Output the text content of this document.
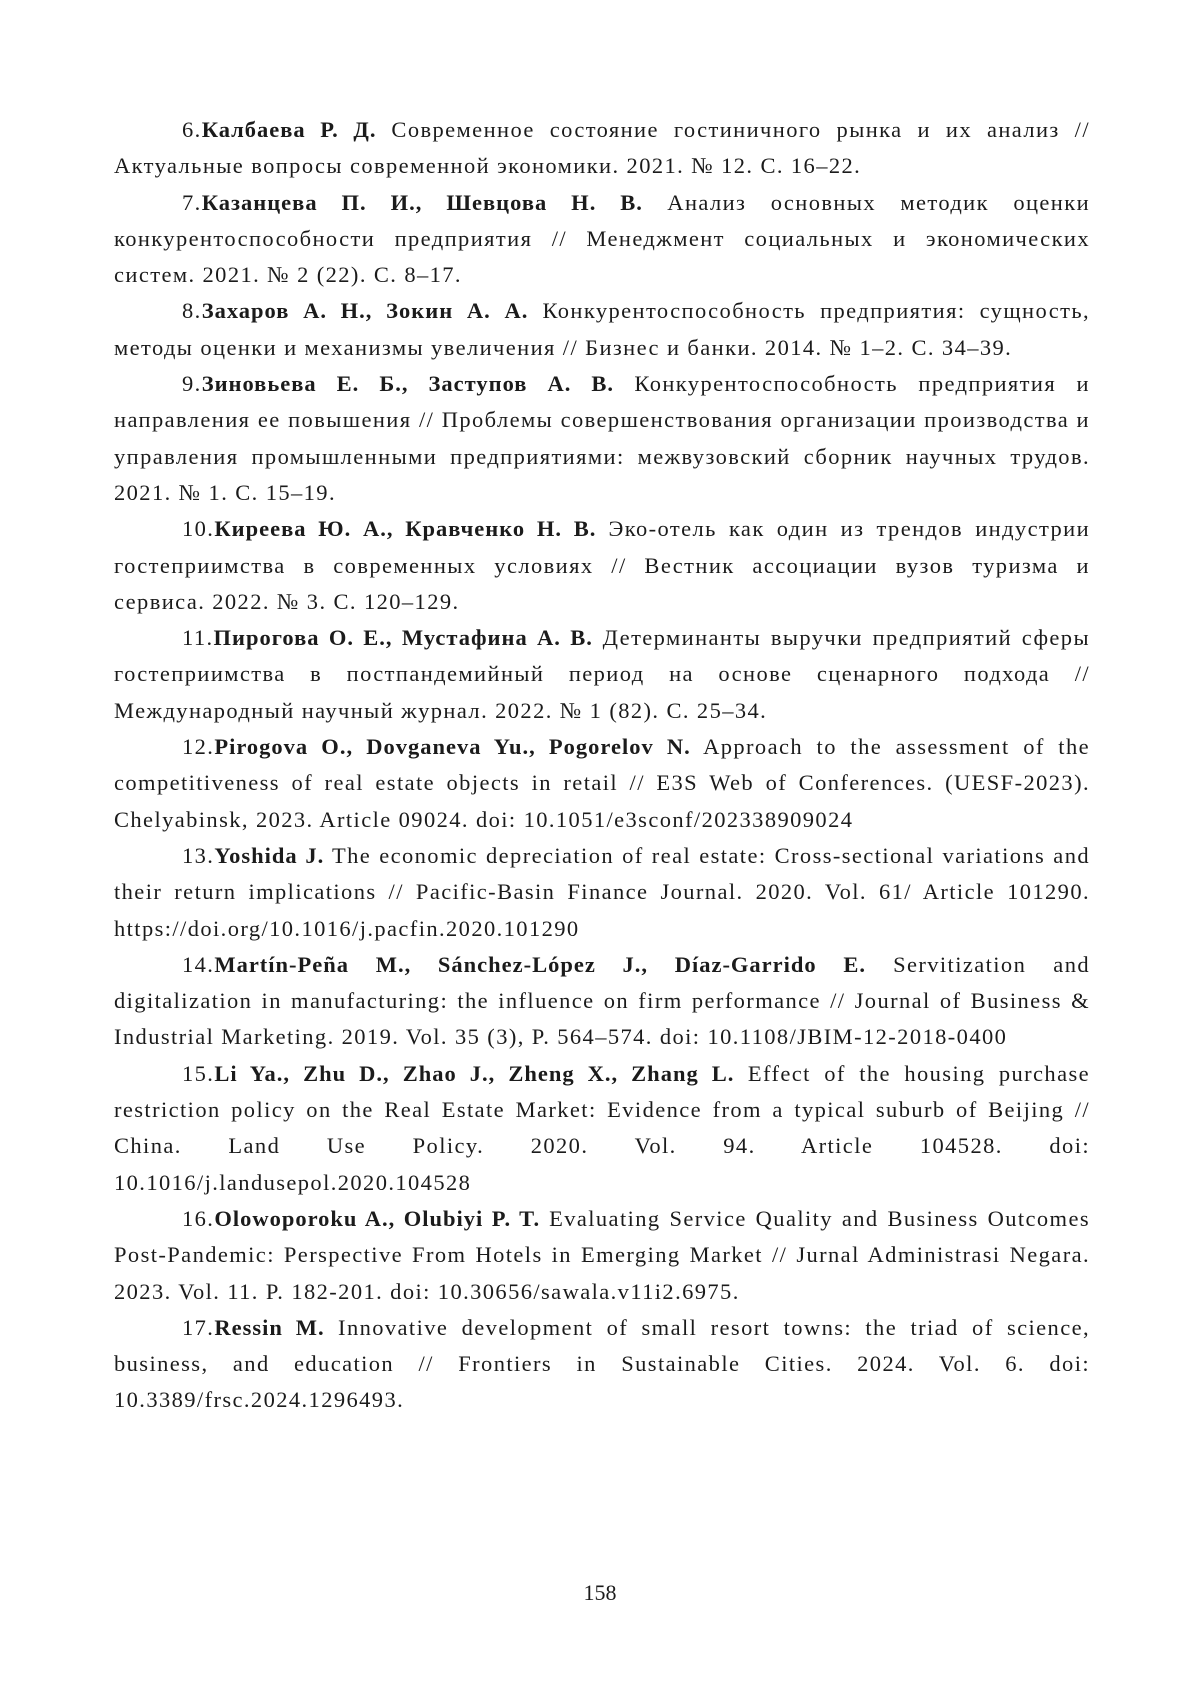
6.Калбаева Р. Д. Современное состояние гостиничного рынка и их анализ // Актуальные вопросы современной экономики. 2021. № 12. С. 16–22.

7.Казанцева П. И., Шевцова Н. В. Анализ основных методик оценки конкурентоспособности предприятия // Менеджмент социальных и экономических систем. 2021. № 2 (22). С. 8–17.

8.Захаров А. Н., Зокин А. А. Конкурентоспособность предприятия: сущность, методы оценки и механизмы увеличения // Бизнес и банки. 2014. № 1–2. С. 34–39.

9.Зиновьева Е. Б., Заступов А. В. Конкурентоспособность предприятия и направления ее повышения // Проблемы совершенствования организации производства и управления промышленными предприятиями: межвузовский сборник научных трудов. 2021. № 1. С. 15–19.

10.Киреева Ю. А., Кравченко Н. В. Эко-отель как один из трендов индустрии гостеприимства в современных условиях // Вестник ассоциации вузов туризма и сервиса. 2022. № 3. С. 120–129.

11.Пирогова О. Е., Мустафина А. В. Детерминанты выручки предприятий сферы гостеприимства в постпандемийный период на основе сценарного подхода // Международный научный журнал. 2022. № 1 (82). С. 25–34.

12.Pirogova O., Dovganeva Yu., Pogorelov N. Approach to the assessment of the competitiveness of real estate objects in retail // E3S Web of Conferences. (UESF-2023). Chelyabinsk, 2023. Article 09024. doi: 10.1051/e3sconf/202338909024

13.Yoshida J. The economic depreciation of real estate: Cross-sectional variations and their return implications // Pacific-Basin Finance Journal. 2020. Vol. 61/ Article 101290. https://doi.org/10.1016/j.pacfin.2020.101290

14.Martín-Peña M., Sánchez-López J., Díaz-Garrido E. Servitization and digitalization in manufacturing: the influence on firm performance // Journal of Business & Industrial Marketing. 2019. Vol. 35 (3), P. 564–574. doi: 10.1108/JBIM-12-2018-0400

15.Li Ya., Zhu D., Zhao J., Zheng X., Zhang L. Effect of the housing purchase restriction policy on the Real Estate Market: Evidence from a typical suburb of Beijing // China. Land Use Policy. 2020. Vol. 94. Article 104528. doi: 10.1016/j.landusepol.2020.104528

16.Olowoporoku A., Olubiyi P. T. Evaluating Service Quality and Business Outcomes Post-Pandemic: Perspective From Hotels in Emerging Market // Jurnal Administrasi Negara. 2023. Vol. 11. P. 182-201. doi: 10.30656/sawala.v11i2.6975.

17.Ressin M. Innovative development of small resort towns: the triad of science, business, and education // Frontiers in Sustainable Cities. 2024. Vol. 6. doi: 10.3389/frsc.2024.1296493.

158
